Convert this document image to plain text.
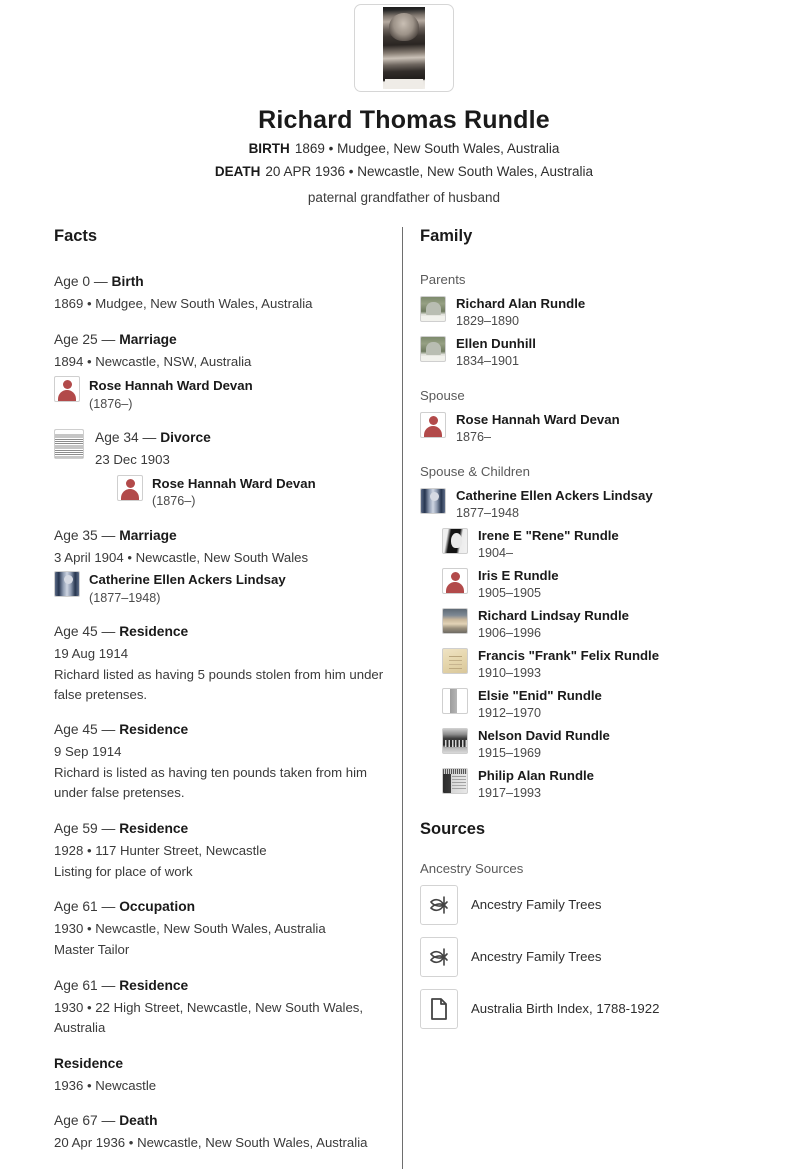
Richard Thomas Rundle
BIRTH 1869 • Mudgee, New South Wales, Australia
DEATH 20 APR 1936 • Newcastle, New South Wales, Australia
paternal grandfather of husband
Facts
Age 0 — Birth
1869 • Mudgee, New South Wales, Australia
Age 25 — Marriage
1894 • Newcastle, NSW, Australia
Rose Hannah Ward Devan
(1876–)
Age 34 — Divorce
23 Dec 1903
Rose Hannah Ward Devan
(1876–)
Age 35 — Marriage
3 April 1904 • Newcastle, New South Wales
Catherine Ellen Ackers Lindsay
(1877–1948)
Age 45 — Residence
19 Aug 1914
Richard listed as having 5 pounds stolen from him under false pretenses.
Age 45 — Residence
9 Sep 1914
Richard is listed as having ten pounds taken from him under false pretenses.
Age 59 — Residence
1928 • 117 Hunter Street, Newcastle
Listing for place of work
Age 61 — Occupation
1930 • Newcastle, New South Wales, Australia
Master Tailor
Age 61 — Residence
1930 • 22 High Street, Newcastle, New South Wales, Australia
Residence
1936 • Newcastle
Age 67 — Death
20 Apr 1936 • Newcastle, New South Wales, Australia
Family
Parents
Richard Alan Rundle
1829–1890
Ellen Dunhill
1834–1901
Spouse
Rose Hannah Ward Devan
1876–
Spouse & Children
Catherine Ellen Ackers Lindsay
1877–1948
Irene E "Rene" Rundle
1904–
Iris E Rundle
1905–1905
Richard Lindsay Rundle
1906–1996
Francis "Frank" Felix Rundle
1910–1993
Elsie "Enid" Rundle
1912–1970
Nelson David Rundle
1915–1969
Philip Alan Rundle
1917–1993
Sources
Ancestry Sources
Ancestry Family Trees
Ancestry Family Trees
Australia Birth Index, 1788-1922
